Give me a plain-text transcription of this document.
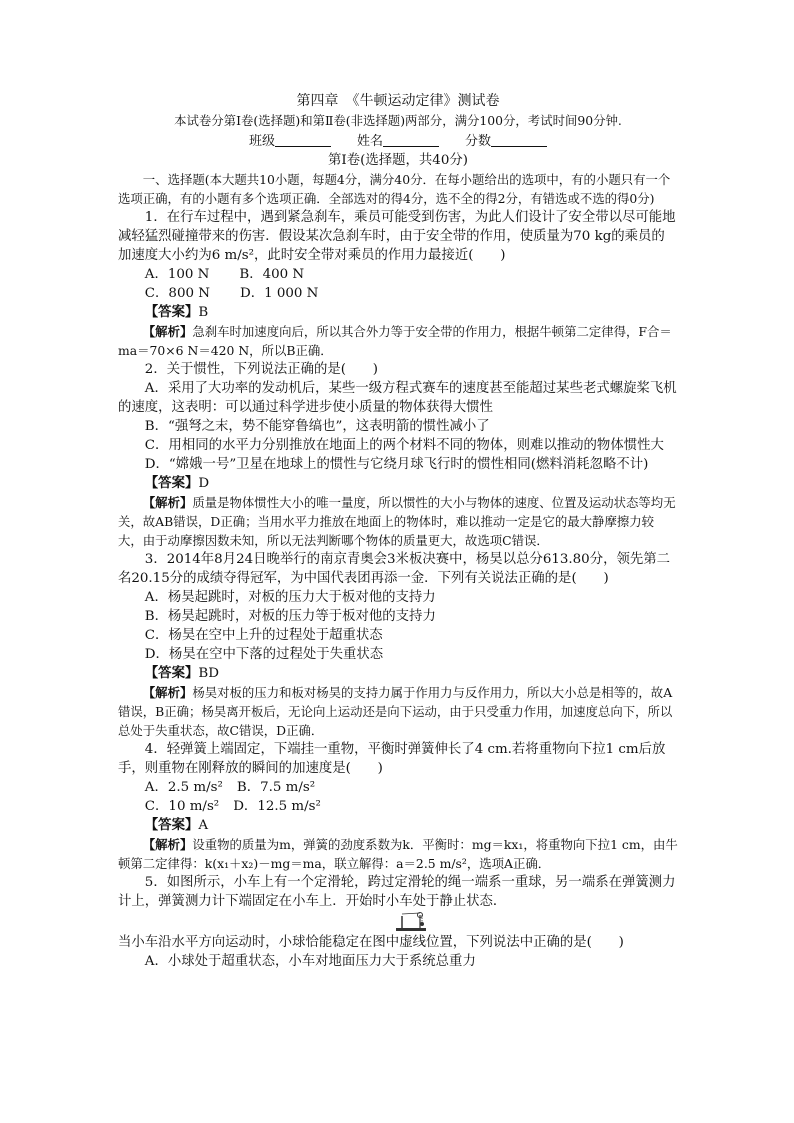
第四章　《牛顿运动定律》测试卷
本试卷分第Ⅰ卷(选择题)和第Ⅱ卷(非选择题)两部分，满分100分，考试时间90分钟.
班级	姓名	分数
第Ⅰ卷(选择题，共40分)

一、选择题(本大题共10小题，每题4分，满分40分．在每小题给出的选项中，有的小题只有一个选项正确，有的小题有多个选项正确．全部选对的得4分，选不全的得2分，有错选或不选的得0分)

1．在行车过程中，遇到紧急刹车，乘员可能受到伤害，为此人们设计了安全带以尽可能地减轻猛烈碰撞带来的伤害．假设某次急刹车时，由于安全带的作用，使质量为70 kg的乘员的加速度大小约为6 m/s²，此时安全带对乘员的作用力最接近(　　)

A．100 N B．400 N
C．800 N D．1 000 N

【答案】B

【解析】急刹车时加速度向后，所以其合外力等于安全带的作用力，根据牛顿第二定律得，F合＝ma＝70×6 N＝420 N，所以B正确．

2．关于惯性，下列说法正确的是(　　)

A．采用了大功率的发动机后，某些一级方程式赛车的速度甚至能超过某些老式螺旋桨飞机的速度，这表明：可以通过科学进步使小质量的物体获得大惯性

B．“强弩之末，势不能穿鲁缟也”，这表明箭的惯性减小了

C．用相同的水平力分别推放在地面上的两个材料不同的物体，则难以推动的物体惯性大

D．“嫦娥一号”卫星在地球上的惯性与它绕月球飞行时的惯性相同(燃料消耗忽略不计)

【答案】D

【解析】质量是物体惯性大小的唯一量度，所以惯性的大小与物体的速度、位置及运动状态等均无关，故AB错误，D正确；当用水平力推放在地面上的物体时，难以推动一定是它的最大静摩擦力较大，由于动摩擦因数未知，所以无法判断哪个物体的质量更大，故选项C错误．

3．2014年8月24日晚举行的南京青奥会3米板决赛中，杨昊以总分613.80分，领先第二名20.15分的成绩夺得冠军，为中国代表团再添一金．下列有关说法正确的是(　　)

A．杨昊起跳时，对板的压力大于板对他的支持力

B．杨昊起跳时，对板的压力等于板对他的支持力

C．杨昊在空中上升的过程处于超重状态

D．杨昊在空中下落的过程处于失重状态

【答案】BD

【解析】杨昊对板的压力和板对杨昊的支持力属于作用力与反作用力，所以大小总是相等的，故A错误，B正确；杨昊离开板后，无论向上运动还是向下运动，由于只受重力作用，加速度总向下，所以总处于失重状态，故C错误，D正确．

4．轻弹簧上端固定，下端挂一重物，平衡时弹簧伸长了4 cm.若将重物向下拉1 cm后放手，则重物在刚释放的瞬间的加速度是(　　)

A．2.5 m/s² B．7.5 m/s²
C．10 m/s² D．12.5 m/s²

【答案】A

【解析】设重物的质量为m，弹簧的劲度系数为k．平衡时：mg＝kx₁，将重物向下拉1 cm，由牛顿第二定律得：k(x₁＋x₂)－mg＝ma，联立解得：a＝2.5 m/s²，选项A正确．

5．如图所示，小车上有一个定滑轮，跨过定滑轮的绳一端系一重球，另一端系在弹簧测力计上，弹簧测力计下端固定在小车上．开始时小车处于静止状态．

当小车沿水平方向运动时，小球恰能稳定在图中虚线位置，下列说法中正确的是(　　)

A．小球处于超重状态，小车对地面压力大于系统总重力
